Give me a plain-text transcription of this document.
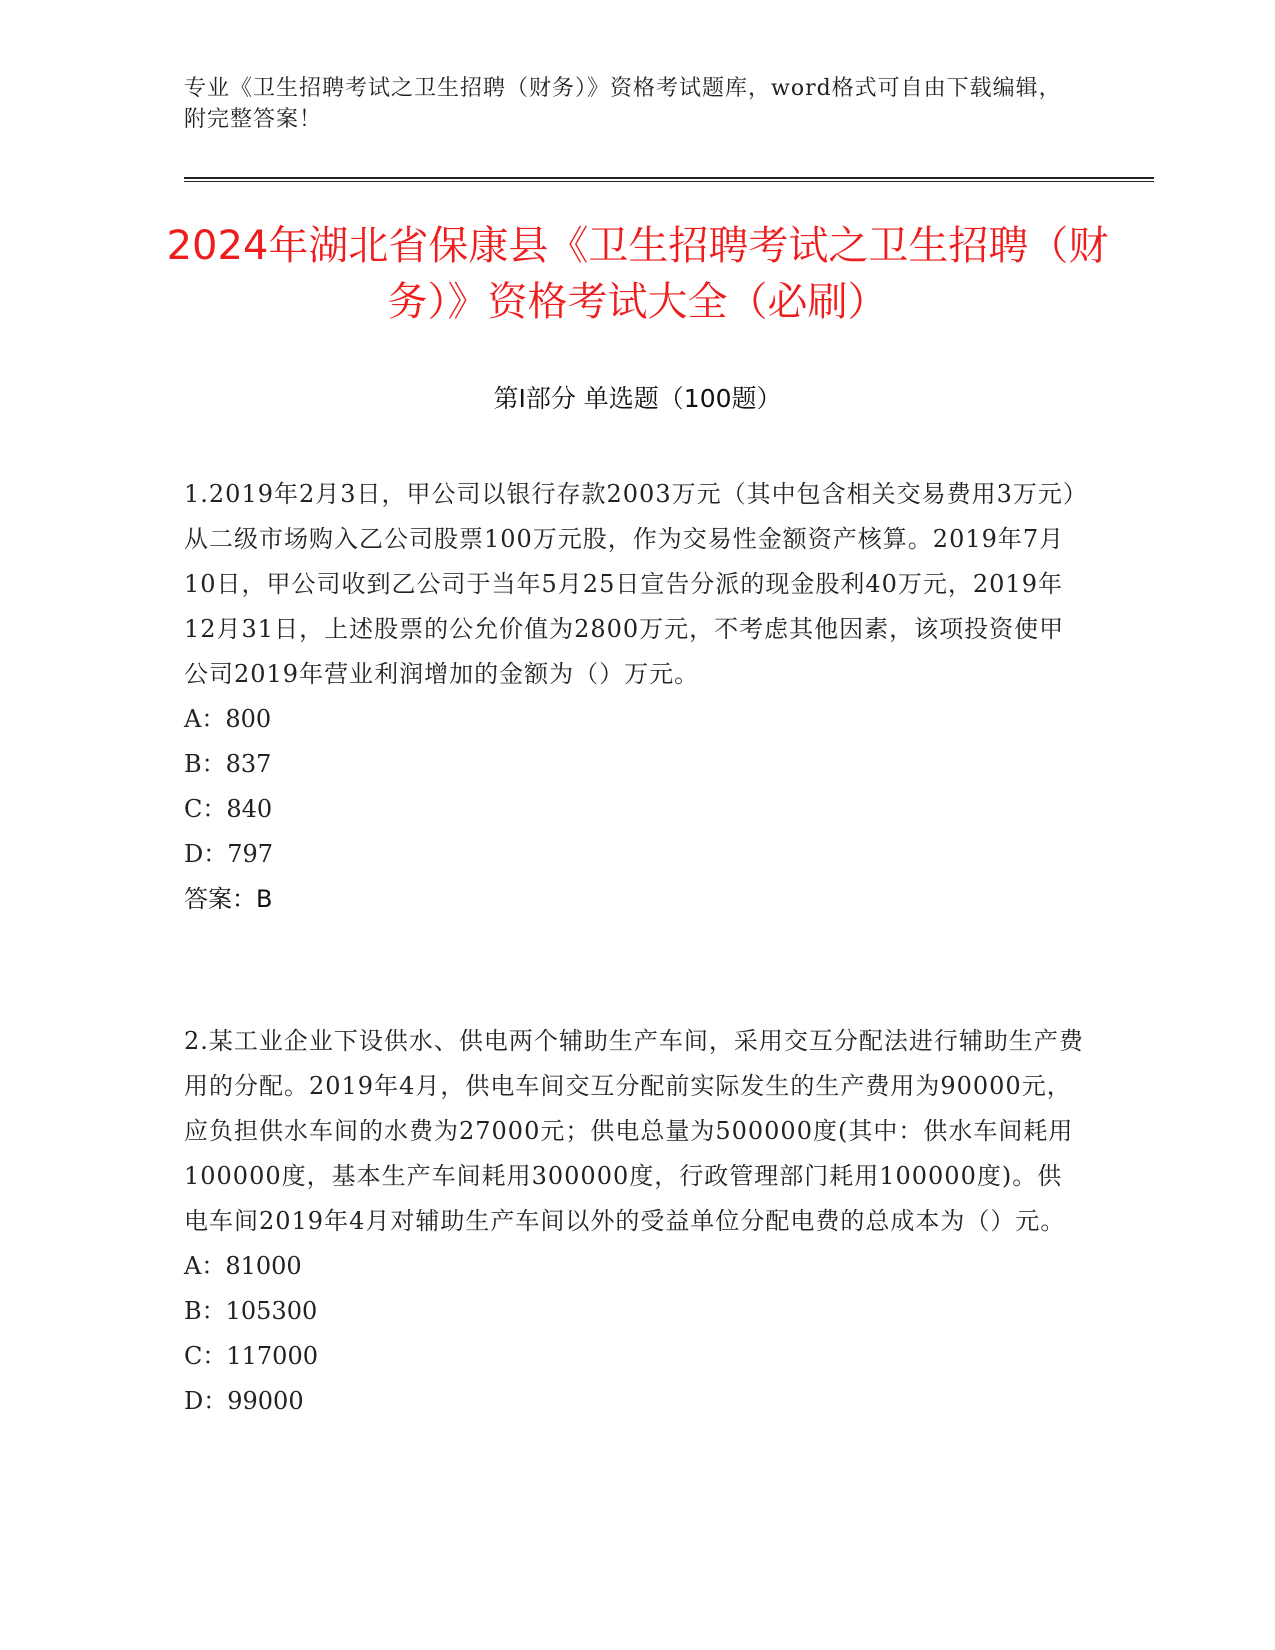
专业《卫生招聘考试之卫生招聘（财务）》资格考试题库，word格式可自由下载编辑，附完整答案！
2024年湖北省保康县《卫生招聘考试之卫生招聘（财务）》资格考试大全（必刷）
第Ⅰ部分 单选题（100题）

1.2019年2月3日，甲公司以银行存款2003万元（其中包含相关交易费用3万元）从二级市场购入乙公司股票100万元股，作为交易性金额资产核算。2019年7月10日，甲公司收到乙公司于当年5月25日宣告分派的现金股利40万元，2019年12月31日，上述股票的公允价值为2800万元，不考虑其他因素，该项投资使甲公司2019年营业利润增加的金额为（）万元。

A：800
B：837
C：840
D：797

答案：B

2.某工业企业下设供水、供电两个辅助生产车间，采用交互分配法进行辅助生产费用的分配。2019年4月，供电车间交互分配前实际发生的生产费用为90000元，应负担供水车间的水费为27000元；供电总量为500000度(其中：供水车间耗用100000度，基本生产车间耗用300000度，行政管理部门耗用100000度)。供电车间2019年4月对辅助生产车间以外的受益单位分配电费的总成本为（）元。

A：81000
B：105300
C：117000
D：99000
